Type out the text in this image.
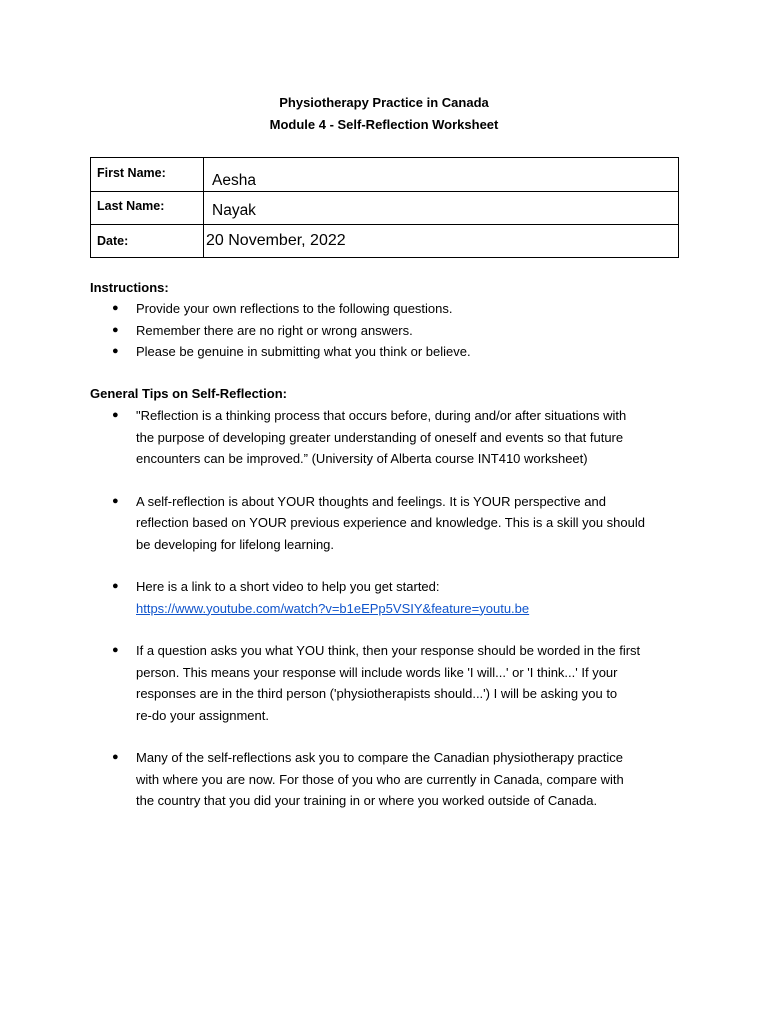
Physiotherapy Practice in Canada
Module 4 - Self-Reflection Worksheet
First Name:	Aesha
Last Name:	Nayak
Date:	20 November, 2022
Instructions:
● Provide your own reflections to the following questions.
● Remember there are no right or wrong answers.
● Please be genuine in submitting what you think or believe.
General Tips on Self-Reflection:
● "Reflection is a thinking process that occurs before, during and/or after situations with
the purpose of developing greater understanding of oneself and events so that future
encounters can be improved.” (University of Alberta course INT410 worksheet)
● A self-reflection is about YOUR thoughts and feelings. It is YOUR perspective and
reflection based on YOUR previous experience and knowledge. This is a skill you should
be developing for lifelong learning.
● Here is a link to a short video to help you get started:
https://www.youtube.com/watch?v=b1eEPp5VSIY&feature=youtu.be
● If a question asks you what YOU think, then your response should be worded in the first
person. This means your response will include words like 'I will...' or 'I think...' If your
responses are in the third person ('physiotherapists should...') I will be asking you to
re-do your assignment.
● Many of the self-reflections ask you to compare the Canadian physiotherapy practice
with where you are now. For those of you who are currently in Canada, compare with
the country that you did your training in or where you worked outside of Canada.
